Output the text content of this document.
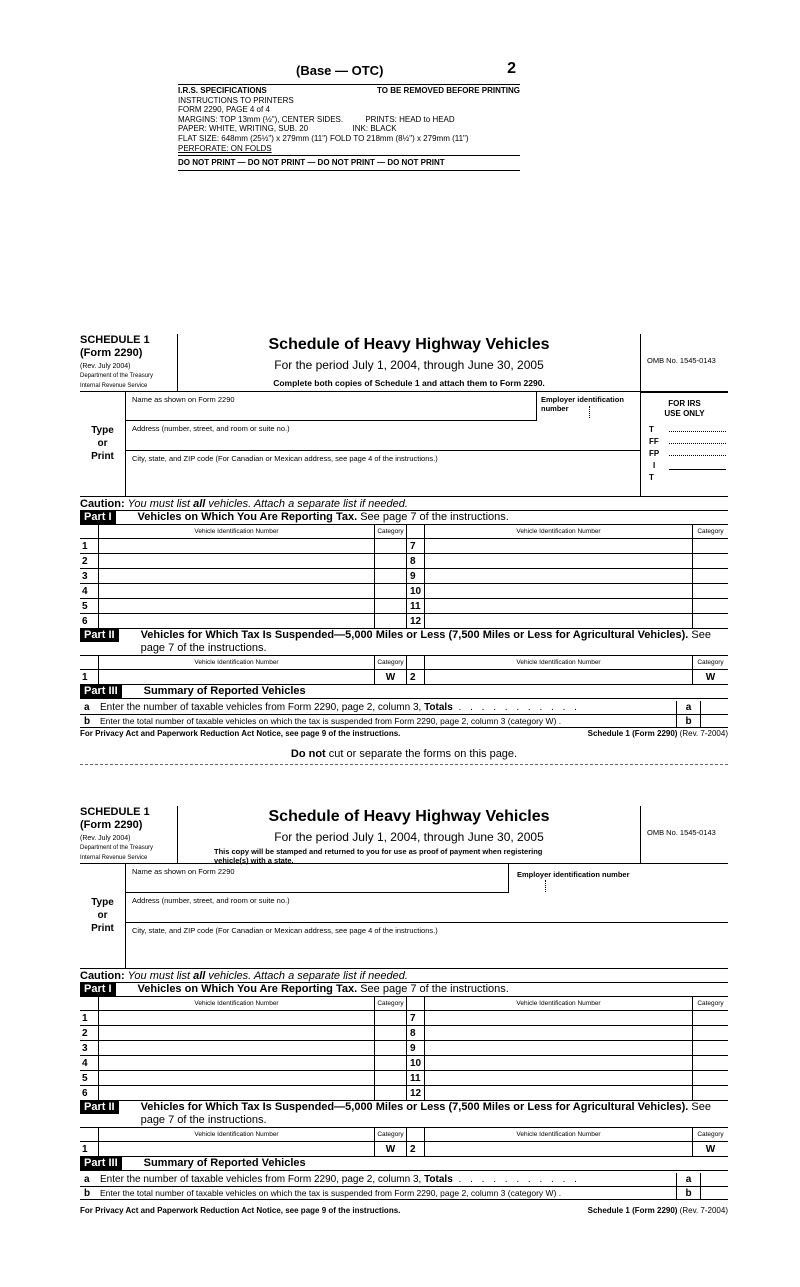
(Base — OTC)	2
I.R.S. SPECIFICATIONS	TO BE REMOVED BEFORE PRINTING
INSTRUCTIONS TO PRINTERS
FORM 2290, PAGE 4 of 4
MARGINS: TOP 13mm (½"), CENTER SIDES.          PRINTS: HEAD to HEAD
PAPER: WHITE, WRITING, SUB. 20                    INK: BLACK
FLAT SIZE: 648mm (25½") x 279mm (11") FOLD TO 218mm (8½") x 279mm (11")
PERFORATE: ON FOLDS
DO NOT PRINT — DO NOT PRINT — DO NOT PRINT — DO NOT PRINT
SCHEDULE 1
(Form 2290)
(Rev. July 2004)
Department of the Treasury
Internal Revenue Service
Schedule of Heavy Highway Vehicles
For the period July 1, 2004, through June 30, 2005
Complete both copies of Schedule 1 and attach them to Form 2290.
OMB No. 1545-0143
Type
or
Print
Name as shown on Form 2290	Employer identification number
Address (number, street, and room or suite no.)
City, state, and ZIP code (For Canadian or Mexican address, see page 4 of the instructions.)
FOR IRS
USE ONLY
T
FF
FP
I
T
Caution: You must list all vehicles. Attach a separate list if needed.
Part I	Vehicles on Which You Are Reporting Tax. See page 7 of the instructions.
Vehicle Identification Number	Category	Vehicle Identification Number	Category
1	7
2	8
3	9
4	10
5	11
6	12
Part II	Vehicles for Which Tax Is Suspended—5,000 Miles or Less (7,500 Miles or Less for Agricultural Vehicles). See page 7 of the instructions.
Vehicle Identification Number	Category	Vehicle Identification Number	Category
1	W	2	W
Part III	Summary of Reported Vehicles
a Enter the number of taxable vehicles from Form 2290, page 2, column 3, Totals . . . . . . . . . . .	a
b Enter the total number of taxable vehicles on which the tax is suspended from Form 2290, page 2, column 3 (category W) .	b
For Privacy Act and Paperwork Reduction Act Notice, see page 9 of the instructions.	Schedule 1 (Form 2290) (Rev. 7-2004)
Do not cut or separate the forms on this page.
SCHEDULE 1
(Form 2290)
(Rev. July 2004)
Department of the Treasury
Internal Revenue Service
Schedule of Heavy Highway Vehicles
For the period July 1, 2004, through June 30, 2005
This copy will be stamped and returned to you for use as proof of payment when registering
vehicle(s) with a state.
OMB No. 1545-0143
Type
or
Print
Name as shown on Form 2290	Employer identification number
Address (number, street, and room or suite no.)
City, state, and ZIP code (For Canadian or Mexican address, see page 4 of the instructions.)
Caution: You must list all vehicles. Attach a separate list if needed.
Part I	Vehicles on Which You Are Reporting Tax. See page 7 of the instructions.
Vehicle Identification Number	Category	Vehicle Identification Number	Category
1	7
2	8
3	9
4	10
5	11
6	12
Part II	Vehicles for Which Tax Is Suspended—5,000 Miles or Less (7,500 Miles or Less for Agricultural Vehicles). See page 7 of the instructions.
Vehicle Identification Number	Category	Vehicle Identification Number	Category
1	W	2	W
Part III	Summary of Reported Vehicles
a Enter the number of taxable vehicles from Form 2290, page 2, column 3, Totals . . . . . . . . . . .	a
b Enter the total number of taxable vehicles on which the tax is suspended from Form 2290, page 2, column 3 (category W) .	b
For Privacy Act and Paperwork Reduction Act Notice, see page 9 of the instructions.	Schedule 1 (Form 2290) (Rev. 7-2004)
